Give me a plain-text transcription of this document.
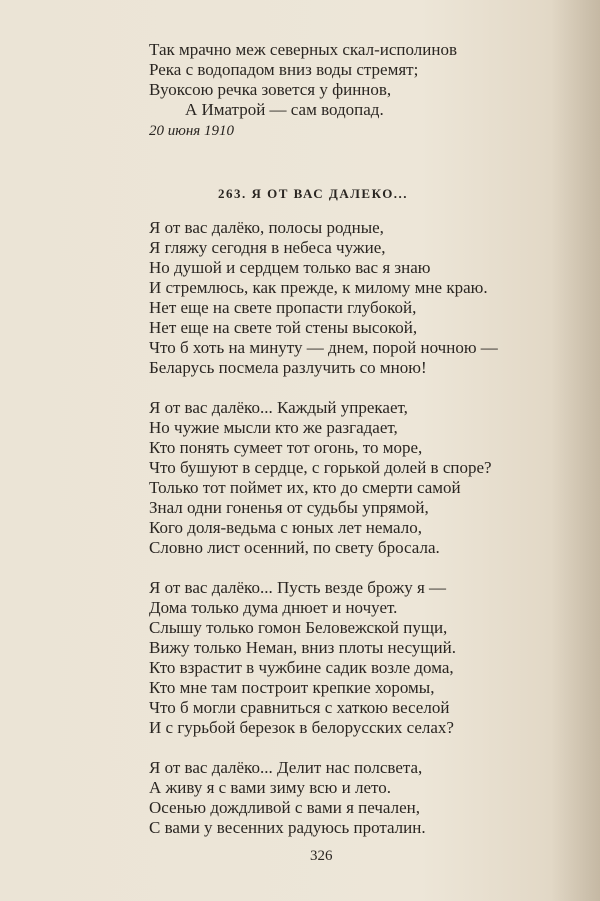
Так мрачно меж северных скал-исполинов
Река с водопадом вниз воды стремят;
Вуоксою речка зовется у финнов,
А Иматрой — сам водопад.
20 июня 1910
263. Я ОТ ВАС ДАЛЕКО...
Я от вас далёко, полосы родные,
Я гляжу сегодня в небеса чужие,
Но душой и сердцем только вас я знаю
И стремлюсь, как прежде, к милому мне краю.
Нет еще на свете пропасти глубокой,
Нет еще на свете той стены высокой,
Что б хоть на минуту — днем, порой ночною —
Беларусь посмела разлучить со мною!
Я от вас далёко... Каждый упрекает,
Но чужие мысли кто же разгадает,
Кто понять сумеет тот огонь, то море,
Что бушуют в сердце, с горькой долей в споре?
Только тот поймет их, кто до смерти самой
Знал одни гоненья от судьбы упрямой,
Кого доля-ведьма с юных лет немало,
Словно лист осенний, по свету бросала.
Я от вас далёко... Пусть везде брожу я —
Дома только дума днюет и ночует.
Слышу только гомон Беловежской пущи,
Вижу только Неман, вниз плоты несущий.
Кто взрастит в чужбине садик возле дома,
Кто мне там построит крепкие хоромы,
Что б могли сравниться с хаткою веселой
И с гурьбой березок в белорусских селах?
Я от вас далёко... Делит нас полсвета,
А живу я с вами зиму всю и лето.
Осенью дождливой с вами я печален,
С вами у весенних радуюсь проталин.
326
